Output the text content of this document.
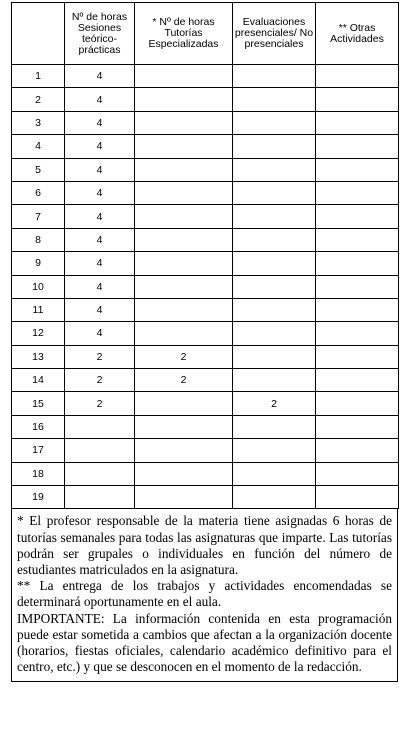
	Nº de horas Sesiones teórico-prácticas	* Nº de horas Tutorías Especializadas	Evaluaciones presenciales/ No presenciales	** Otras Actividades
1	4			
2	4			
3	4			
4	4			
5	4			
6	4			
7	4			
8	4			
9	4			
10	4			
11	4			
12	4			
13	2	2		
14	2	2		
15	2		2	
16				
17				
18				
19				

* El profesor responsable de la materia tiene asignadas 6 horas de tutorías semanales para todas las asignaturas que imparte. Las tutorías podrán ser grupales o individuales en función del número de estudiantes matriculados en la asignatura.

** La entrega de los trabajos y actividades encomendadas se determinará oportunamente en el aula.

IMPORTANTE: La información contenida en esta programación puede estar sometida a cambios que afectan a la organización docente (horarios, fiestas oficiales, calendario académico definitivo para el centro, etc.) y que se desconocen en el momento de la redacción.
